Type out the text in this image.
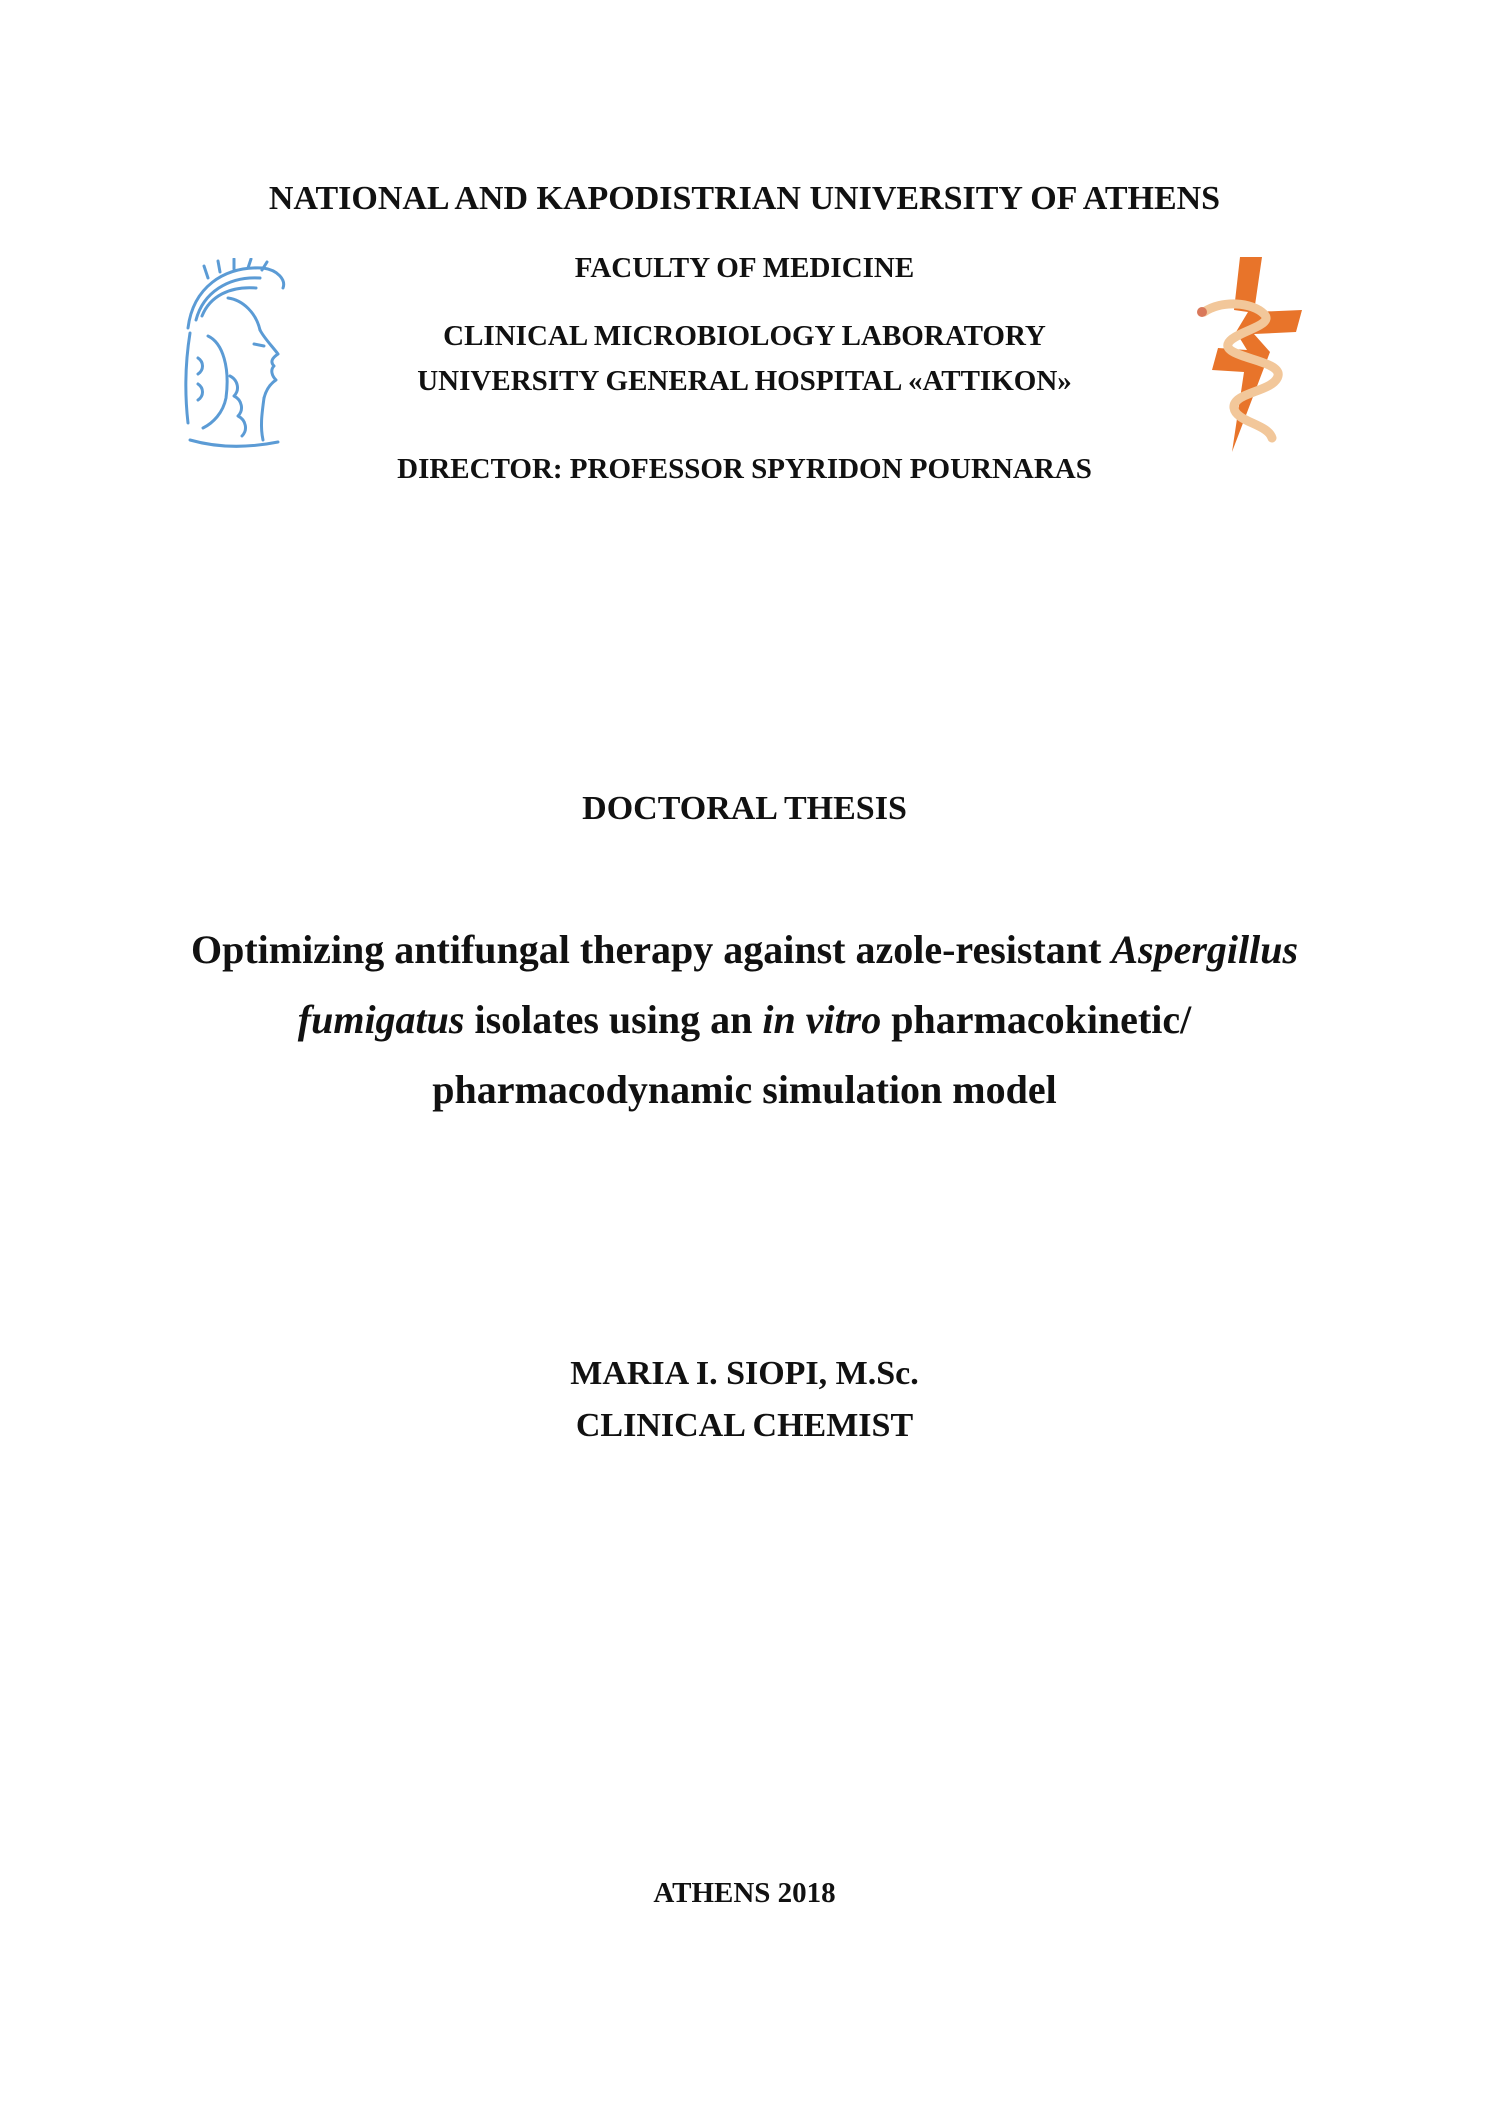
NATIONAL AND KAPODISTRIAN UNIVERSITY OF ATHENS
FACULTY OF MEDICINE
CLINICAL MICROBIOLOGY LABORATORY
UNIVERSITY GENERAL HOSPITAL «ATTIKON»
DIRECTOR: PROFESSOR SPYRIDON POURNARAS
DOCTORAL THESIS
Optimizing antifungal therapy against azole-resistant Aspergillus
fumigatus isolates using an in vitro pharmacokinetic/
pharmacodynamic simulation model
MARIA I. SIOPI, M.Sc.
CLINICAL CHEMIST
ATHENS 2018
